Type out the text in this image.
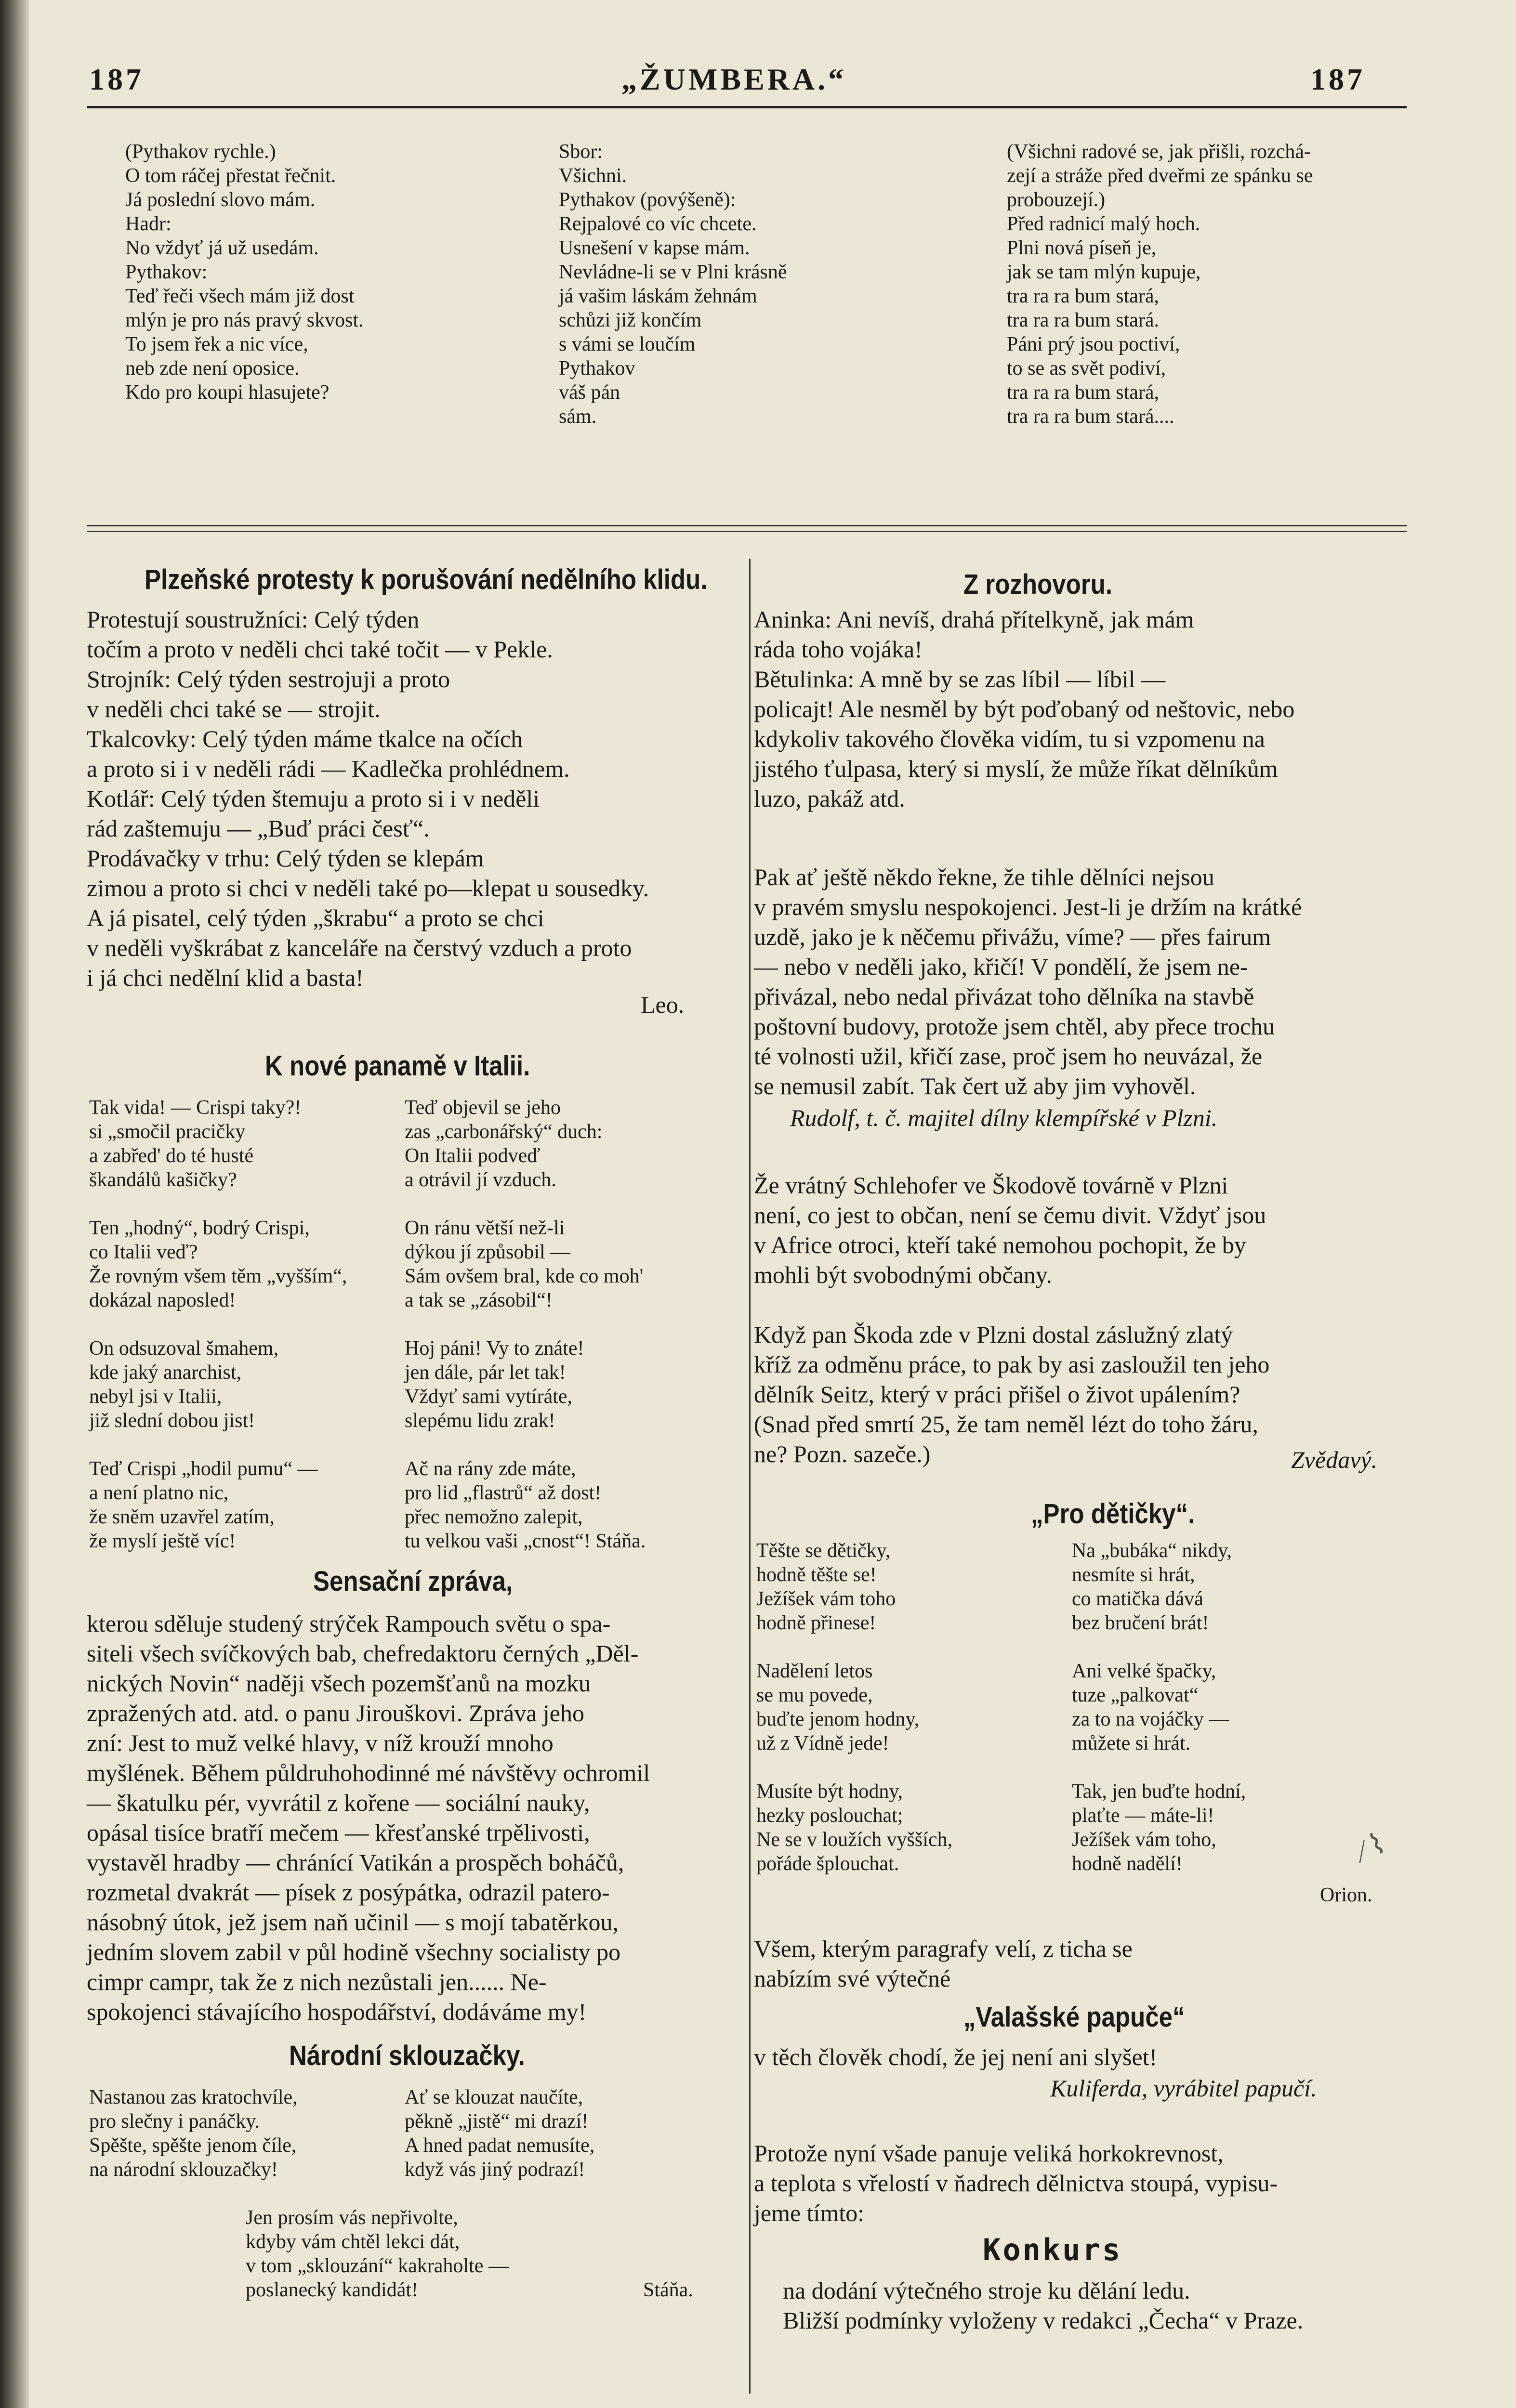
187	„ŽUMBERA.“	187
(Pythakov rychle.)
O tom ráčej přestat řečnit.
Já poslední slovo mám.
Hadr:
No vždyť já už usedám.
Pythakov:
Teď řeči všech mám již dost
mlýn je pro nás pravý skvost.
To jsem řek a nic více,
neb zde není oposice.
Kdo pro koupi hlasujete?
Sbor:
Všichni.
Pythakov (povýšeně):
Rejpalové co víc chcete.
Usnešení v kapse mám.
Nevládne-li se v Plni krásně
já vašim láskám žehnám
schůzi již končím
s vámi se loučím
Pythakov
váš pán
sám.
(Všichni radové se, jak přišli, rozchá-
zejí a stráže před dveřmi ze spánku se
probouzejí.)
Před radnicí malý hoch.
Plni nová píseň je,
jak se tam mlýn kupuje,
tra ra ra bum stará,
tra ra ra bum stará.
Páni prý jsou poctiví,
to se as svět podiví,
tra ra ra bum stará,
tra ra ra bum stará....
Plzeňské protesty k porušování nedělního klidu.
Protestují soustružníci: Celý týden
točím a proto v neděli chci také točit — v Pekle.
Strojník: Celý týden sestrojuji a proto
v neděli chci také se — strojit.
Tkalcovky: Celý týden máme tkalce na očích
a proto si i v neděli rádi — Kadlečka prohlédnem.
Kotlář: Celý týden štemuju a proto si i v neděli
rád zaštemuju — „Buď práci česť“.
Prodávačky v trhu: Celý týden se klepám
zimou a proto si chci v neděli také po—klepat u sousedky.
A já pisatel, celý týden „škrabu“ a proto se chci
v neděli vyškrábat z kanceláře na čerstvý vzduch a proto
i já chci nedělní klid a basta!
Leo.
K nové panamě v Italii.
Tak vida! — Crispi taky?!
si „smočil pracičky
a zabřed' do té husté
škandálů kašičky?

Ten „hodný“, bodrý Crispi,
co Italii veď?
Že rovným všem těm „vyšším“,
dokázal naposled!

On odsuzoval šmahem,
kde jaký anarchist,
nebyl jsi v Italii,
již slední dobou jist!

Teď Crispi „hodil pumu“ —
a není platno nic,
že sněm uzavřel zatím,
že myslí ještě víc!
Teď objevil se jeho
zas „carbonářský“ duch:
On Italii podveď
a otrávil jí vzduch.

On ránu větší než-li
dýkou jí způsobil —
Sám ovšem bral, kde co moh'
a tak se „zásobil“!

Hoj páni! Vy to znáte!
jen dále, pár let tak!
Vždyť sami vytíráte,
slepému lidu zrak!

Ač na rány zde máte,
pro lid „flastrů“ až dost!
přec nemožno zalepit,
tu velkou vaši „cnost“! Stáňa.
Sensační zpráva,
kterou sděluje studený strýček Rampouch světu o spa-
siteli všech svíčkových bab, chefredaktoru černých „Děl-
nických Novin“ naději všech pozemšťanů na mozku
zpražených atd. atd. o panu Jirouškovi. Zpráva jeho
zní: Jest to muž velké hlavy, v níž krouží mnoho
myšlének. Během půldruhohodinné mé návštěvy ochromil
— škatulku pér, vyvrátil z kořene — sociální nauky,
opásal tisíce bratří mečem — křesťanské trpělivosti,
vystavěl hradby — chránící Vatikán a prospěch boháčů,
rozmetal dvakrát — písek z posýpátka, odrazil patero-
násobný útok, jež jsem naň učinil — s mojí tabatěrkou,
jedním slovem zabil v půl hodině všechny socialisty po
cimpr campr, tak že z nich nezůstali jen...... Ne-
spokojenci stávajícího hospodářství, dodáváme my!
Národní sklouzačky.
Nastanou zas kratochvíle,
pro slečny i panáčky.
Spěšte, spěšte jenom číle,
na národní sklouzačky!
Ať se klouzat naučíte,
pěkně „jistě“ mi drazí!
A hned padat nemusíte,
když vás jiný podrazí!
Jen prosím vás nepřivolte,
kdyby vám chtěl lekci dát,
v tom „sklouzání“ kakraholte —
poslanecký kandidát!	Stáňa.
Z rozhovoru.
Aninka: Ani nevíš, drahá přítelkyně, jak mám
ráda toho vojáka!
Bětulinka: A mně by se zas líbil — líbil —
policajt! Ale nesměl by být poďobaný od neštovic, nebo
kdykoliv takového člověka vidím, tu si vzpomenu na
jistého ťulpasa, který si myslí, že může říkat dělníkům
luzo, pakáž atd.
Pak ať ještě někdo řekne, že tihle dělníci nejsou
v pravém smyslu nespokojenci. Jest-li je držím na krátké
uzdě, jako je k něčemu přivážu, víme? — přes fairum
— nebo v neděli jako, křičí! V pondělí, že jsem ne-
přivázal, nebo nedal přivázat toho dělníka na stavbě
poštovní budovy, protože jsem chtěl, aby přece trochu
té volnosti užil, křičí zase, proč jsem ho neuvázal, že
se nemusil zabít. Tak čert už aby jim vyhověl.
Rudolf, t. č. majitel dílny klempířské v Plzni.
Že vrátný Schlehofer ve Škodově továrně v Plzni
není, co jest to občan, není se čemu divit. Vždyť jsou
v Africe otroci, kteří také nemohou pochopit, že by
mohli být svobodnými občany.
Když pan Škoda zde v Plzni dostal záslužný zlatý
kříž za odměnu práce, to pak by asi zasloužil ten jeho
dělník Seitz, který v práci přišel o život upálením?
(Snad před smrtí 25, že tam neměl lézt do toho žáru,
ne? Pozn. sazeče.)	Zvědavý.
„Pro dětičky“.
Těšte se dětičky,
hodně těšte se!
Ježíšek vám toho
hodně přinese!

Nadělení letos
se mu povede,
buďte jenom hodny,
už z Vídně jede!

Musíte být hodny,
hezky poslouchat;
Ne se v loužích vyšších,
pořáde šplouchat.
Na „bubáka“ nikdy,
nesmíte si hrát,
co matička dává
bez bručení brát!

Ani velké špačky,
tuze „palkovat“
za to na vojáčky —
můžete si hrát.

Tak, jen buďte hodní,
plaťte — máte-li!
Ježíšek vám toho,
hodně nadělí!
Orion.
⁄ ⌇
Všem, kterým paragrafy velí, z ticha se
nabízím své výtečné
„Valašské papuče“
v těch člověk chodí, že jej není ani slyšet!
Kuliferda, vyrábitel papučí.
Protože nyní všade panuje veliká horkokrevnost,
a teplota s vřelostí v ňadrech dělnictva stoupá, vypisu-
jeme tímto:
Konkurs
na dodání výtečného stroje ku dělání ledu.
Bližší podmínky vyloženy v redakci „Čecha“ v Praze.
